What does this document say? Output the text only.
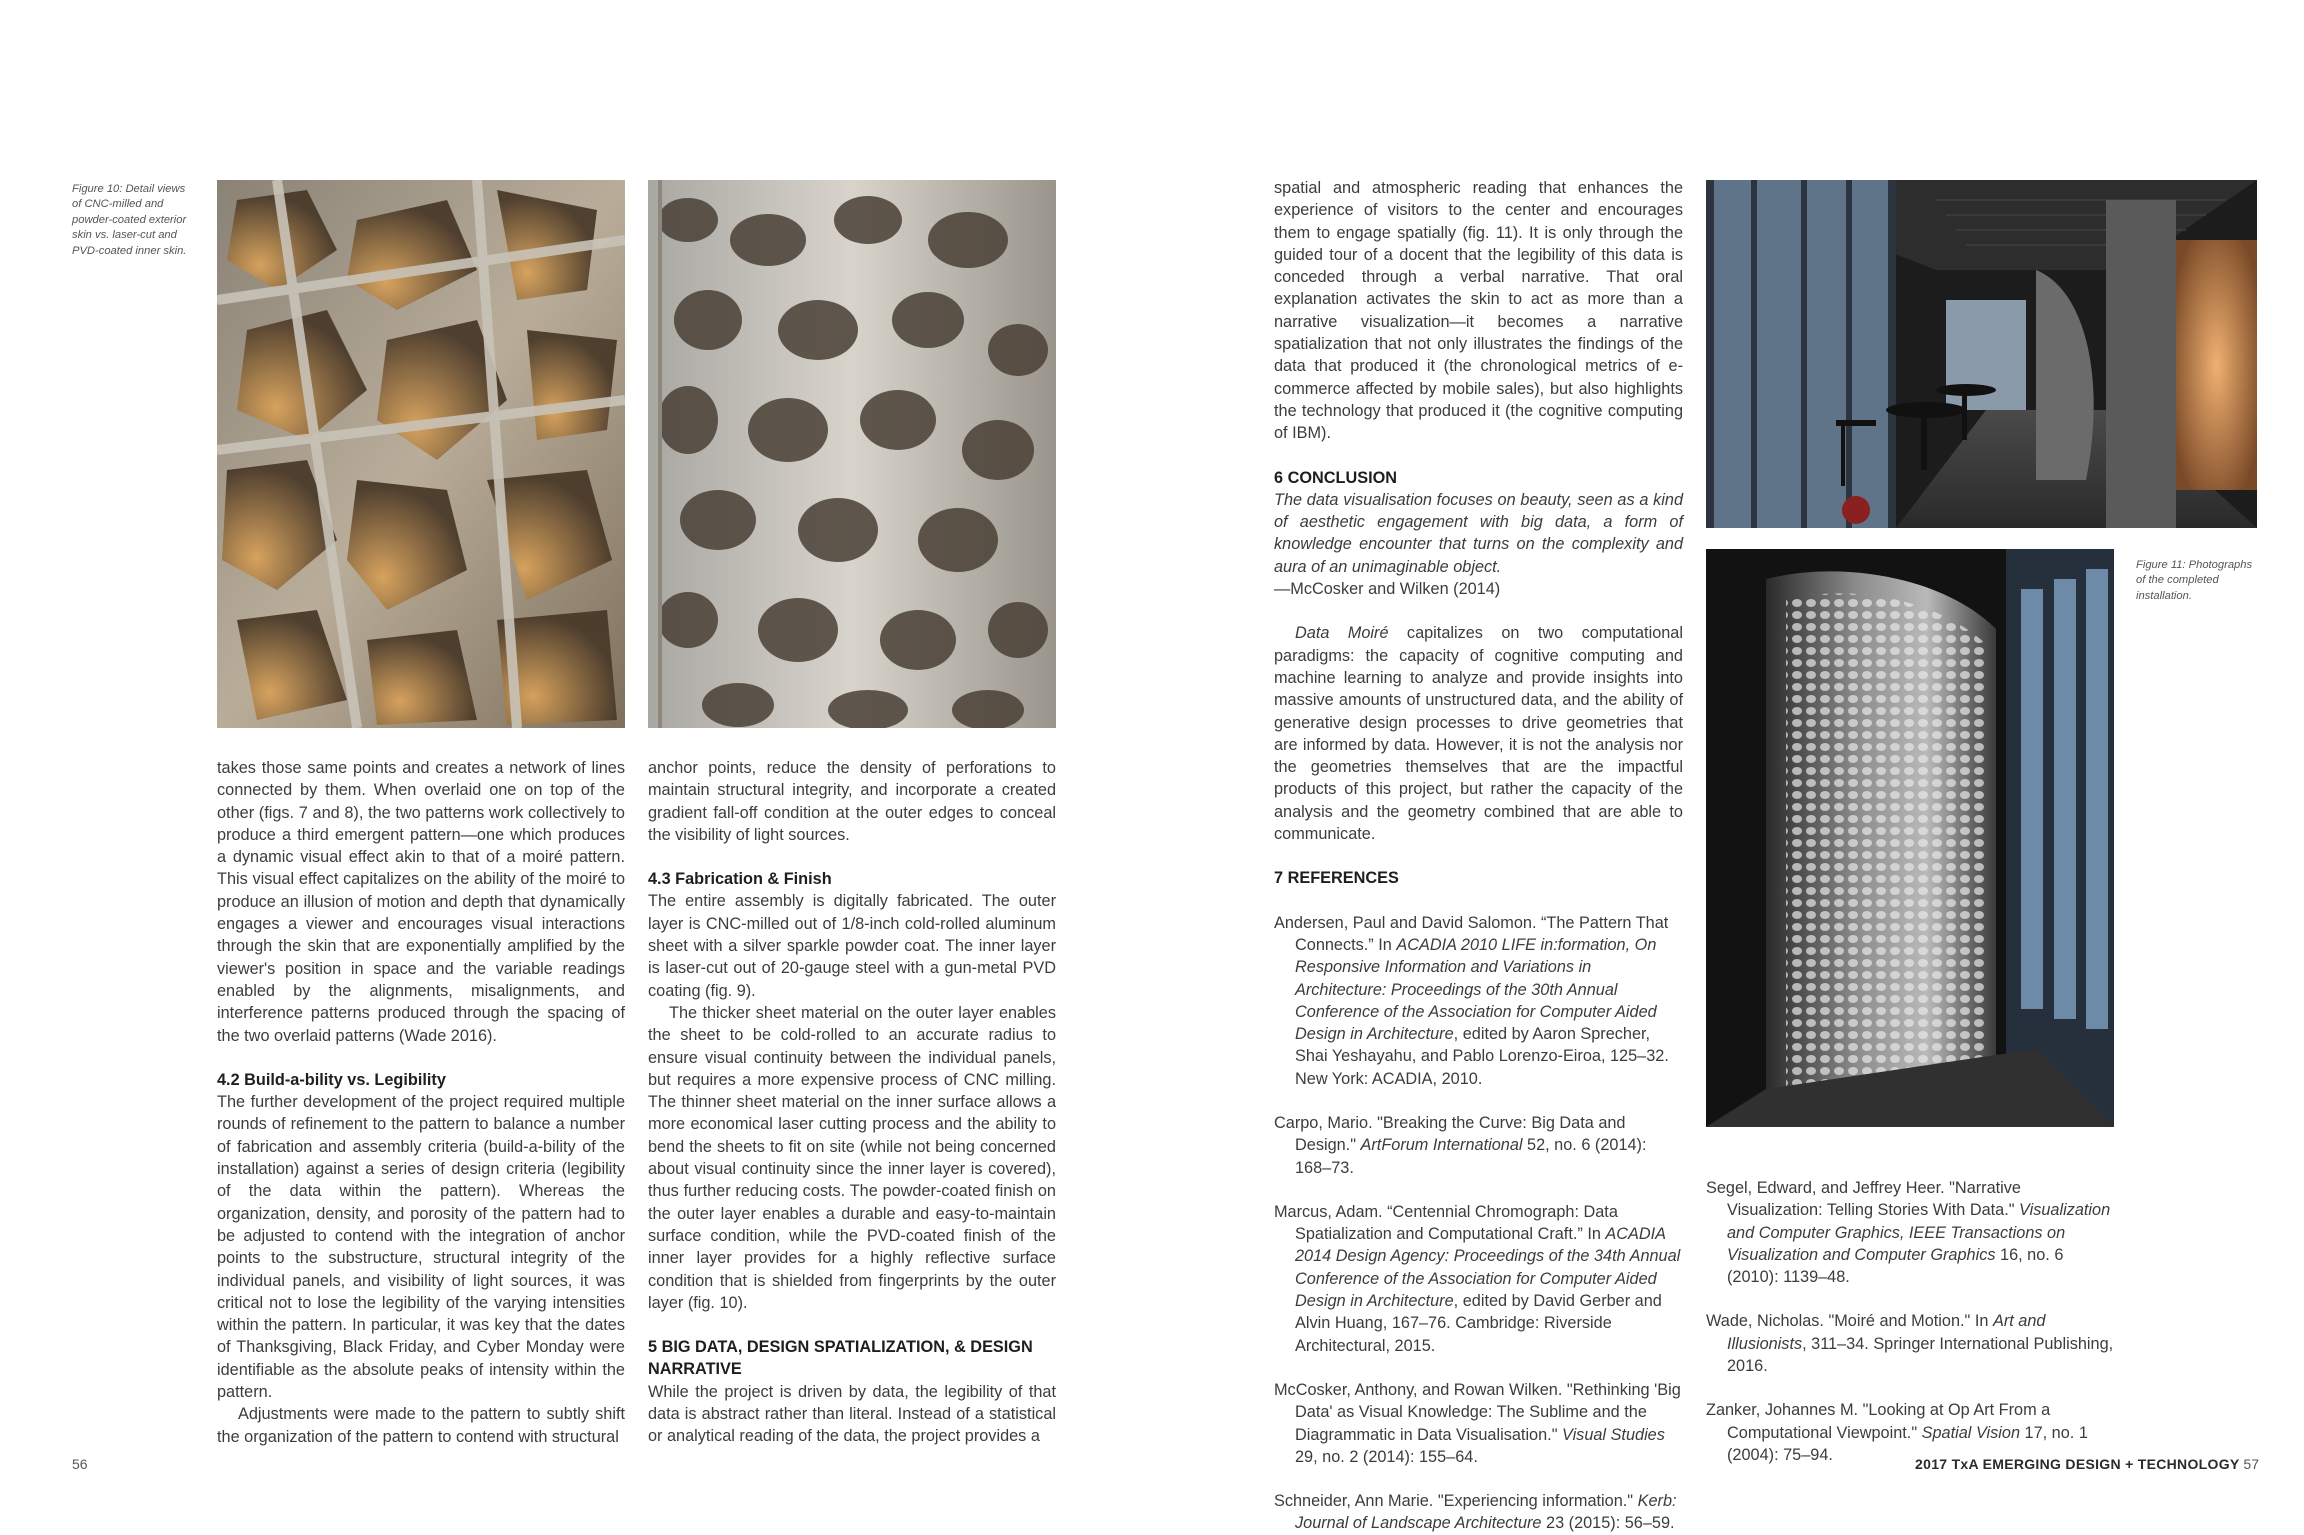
Figure 10: Detail views of CNC-milled and powder-coated exterior skin vs. laser-cut and PVD-coated inner skin.

takes those same points and creates a network of lines connected by them. When overlaid one on top of the other (figs. 7 and 8), the two patterns work collectively to produce a third emergent pattern—one which produces a dynamic visual effect akin to that of a moiré pattern. This visual effect capitalizes on the ability of the moiré to produce an illusion of motion and depth that dynamically engages a viewer and encourages visual interactions through the skin that are exponentially amplified by the viewer's position in space and the variable readings enabled by the alignments, misalignments, and interference patterns produced through the spacing of the two overlaid patterns (Wade 2016).

4.2 Build-a-bility vs. Legibility

The further development of the project required multiple rounds of refinement to the pattern to balance a number of fabrication and assembly criteria (build-a-bility of the installation) against a series of design criteria (legibility of the data within the pattern). Whereas the organization, density, and porosity of the pattern had to be adjusted to contend with the integration of anchor points to the substructure, structural integrity of the individual panels, and visibility of light sources, it was critical not to lose the legibility of the varying intensities within the pattern. In particular, it was key that the dates of Thanksgiving, Black Friday, and Cyber Monday were identifiable as the absolute peaks of intensity within the pattern.

Adjustments were made to the pattern to subtly shift the organization of the pattern to contend with structural

anchor points, reduce the density of perforations to maintain structural integrity, and incorporate a created gradient fall-off condition at the outer edges to conceal the visibility of light sources.

4.3 Fabrication & Finish

The entire assembly is digitally fabricated. The outer layer is CNC-milled out of 1/8-inch cold-rolled aluminum sheet with a silver sparkle powder coat. The inner layer is laser-cut out of 20-gauge steel with a gun-metal PVD coating (fig. 9).

The thicker sheet material on the outer layer enables the sheet to be cold-rolled to an accurate radius to ensure visual continuity between the individual panels, but requires a more expensive process of CNC milling. The thinner sheet material on the inner surface allows a more economical laser cutting process and the ability to bend the sheets to fit on site (while not being concerned about visual continuity since the inner layer is covered), thus further reducing costs. The powder-coated finish on the outer layer enables a durable and easy-to-maintain surface condition, while the PVD-coated finish of the inner layer provides for a highly reflective surface condition that is shielded from fingerprints by the outer layer (fig. 10).

5 BIG DATA, DESIGN SPATIALIZATION, & DESIGN NARRATIVE

While the project is driven by data, the legibility of that data is abstract rather than literal. Instead of a statistical or analytical reading of the data, the project provides a

spatial and atmospheric reading that enhances the experience of visitors to the center and encourages them to engage spatially (fig. 11). It is only through the guided tour of a docent that the legibility of this data is conceded through a verbal narrative. That oral explanation activates the skin to act as more than a narrative visualization—it becomes a narrative spatialization that not only illustrates the findings of the data that produced it (the chronological metrics of e-commerce affected by mobile sales), but also highlights the technology that produced it (the cognitive computing of IBM).

6 CONCLUSION

The data visualisation focuses on beauty, seen as a kind of aesthetic engagement with big data, a form of knowledge encounter that turns on the complexity and aura of an unimaginable object.

—McCosker and Wilken (2014)

Data Moiré capitalizes on two computational paradigms: the capacity of cognitive computing and machine learning to analyze and provide insights into massive amounts of unstructured data, and the ability of generative design processes to drive geometries that are informed by data. However, it is not the analysis nor the geometries themselves that are the impactful products of this project, but rather the capacity of the analysis and the geometry combined that are able to communicate.

7 REFERENCES

Andersen, Paul and David Salomon. “The Pattern That Connects.” In ACADIA 2010 LIFE in:formation, On Responsive Information and Variations in Architecture: Proceedings of the 30th Annual Conference of the Association for Computer Aided Design in Architecture, edited by Aaron Sprecher, Shai Yeshayahu, and Pablo Lorenzo-Eiroa, 125–32. New York: ACADIA, 2010.

Carpo, Mario. "Breaking the Curve: Big Data and Design." ArtForum International 52, no. 6 (2014): 168–73.

Marcus, Adam. “Centennial Chromograph: Data Spatialization and Computational Craft.” In ACADIA 2014 Design Agency: Proceedings of the 34th Annual Conference of the Association for Computer Aided Design in Architecture, edited by David Gerber and Alvin Huang, 167–76. Cambridge: Riverside Architectural, 2015.

McCosker, Anthony, and Rowan Wilken. "Rethinking 'Big Data' as Visual Knowledge: The Sublime and the Diagrammatic in Data Visualisation." Visual Studies 29, no. 2 (2014): 155–64.

Schneider, Ann Marie. "Experiencing information." Kerb: Journal of Landscape Architecture 23 (2015): 56–59.

Figure 11: Photographs of the completed installation.

Segel, Edward, and Jeffrey Heer. "Narrative Visualization: Telling Stories With Data." Visualization and Computer Graphics, IEEE Transactions on Visualization and Computer Graphics 16, no. 6 (2010): 1139–48.

Wade, Nicholas. "Moiré and Motion." In Art and Illusionists, 311–34. Springer International Publishing, 2016.

Zanker, Johannes M. "Looking at Op Art From a Computational Viewpoint." Spatial Vision 17, no. 1 (2004): 75–94.

56	2017 TxA EMERGING DESIGN + TECHNOLOGY 57
